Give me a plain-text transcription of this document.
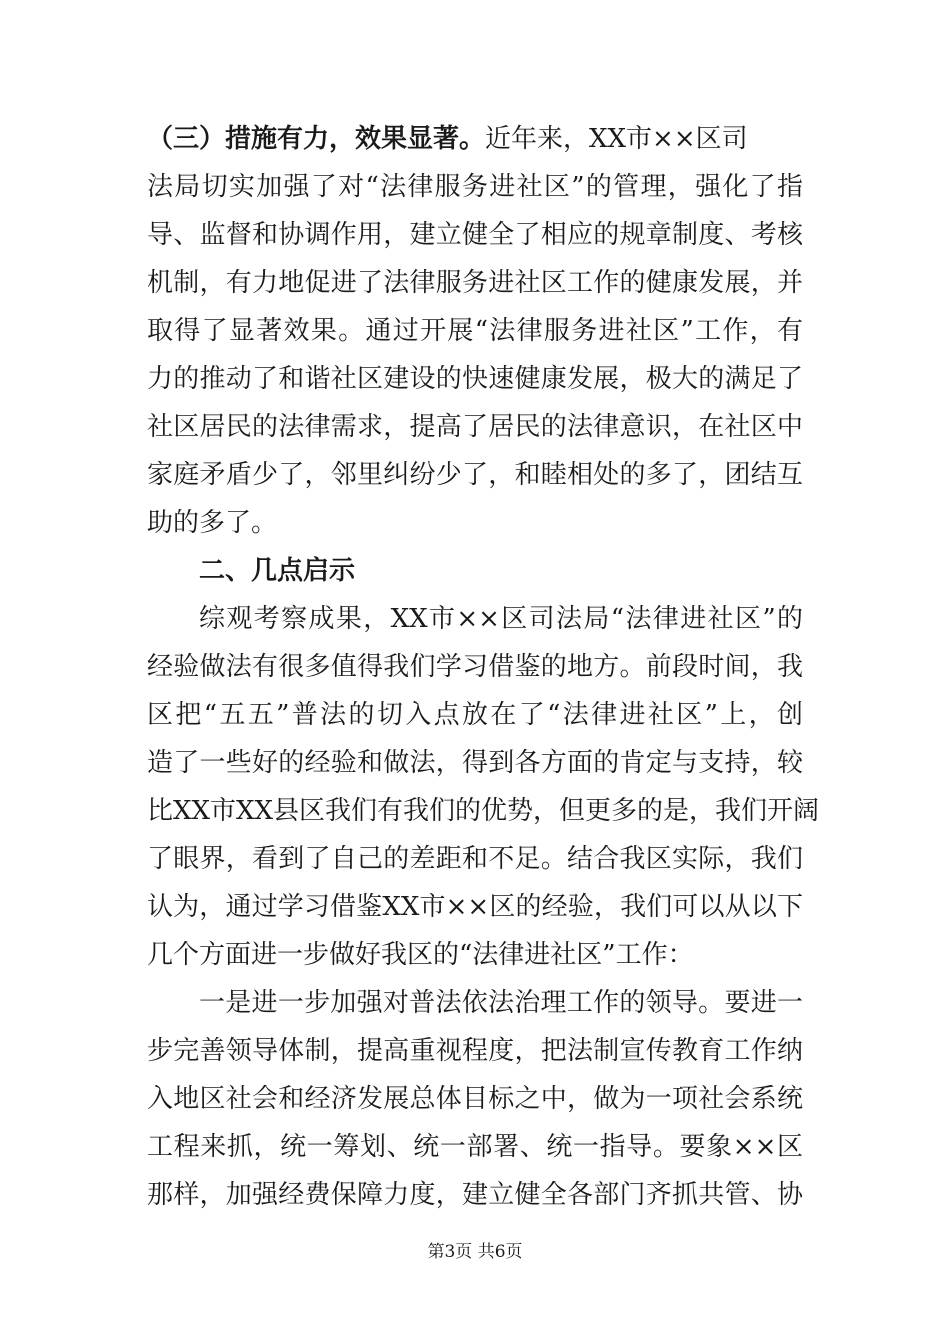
（三）措施有力，效果显著。近年来，XX市××区司
法局切实加强了对“法律服务进社区”的管理，强化了指
导、监督和协调作用，建立健全了相应的规章制度、考核
机制，有力地促进了法律服务进社区工作的健康发展，并
取得了显著效果。通过开展“法律服务进社区”工作，有
力的推动了和谐社区建设的快速健康发展，极大的满足了
社区居民的法律需求，提高了居民的法律意识，在社区中
家庭矛盾少了，邻里纠纷少了，和睦相处的多了，团结互
助的多了。
二、几点启示
综观考察成果，XX市××区司法局“法律进社区”的
经验做法有很多值得我们学习借鉴的地方。前段时间，我
区把“五五”普法的切入点放在了“法律进社区”上，创
造了一些好的经验和做法，得到各方面的肯定与支持，较
比XX市XX县区我们有我们的优势，但更多的是，我们开阔
了眼界，看到了自己的差距和不足。结合我区实际，我们
认为，通过学习借鉴XX市××区的经验，我们可以从以下
几个方面进一步做好我区的“法律进社区”工作：
一是进一步加强对普法依法治理工作的领导。要进一
步完善领导体制，提高重视程度，把法制宣传教育工作纳
入地区社会和经济发展总体目标之中，做为一项社会系统
工程来抓，统一筹划、统一部署、统一指导。要象××区
那样，加强经费保障力度，建立健全各部门齐抓共管、协
第3页 共6页
